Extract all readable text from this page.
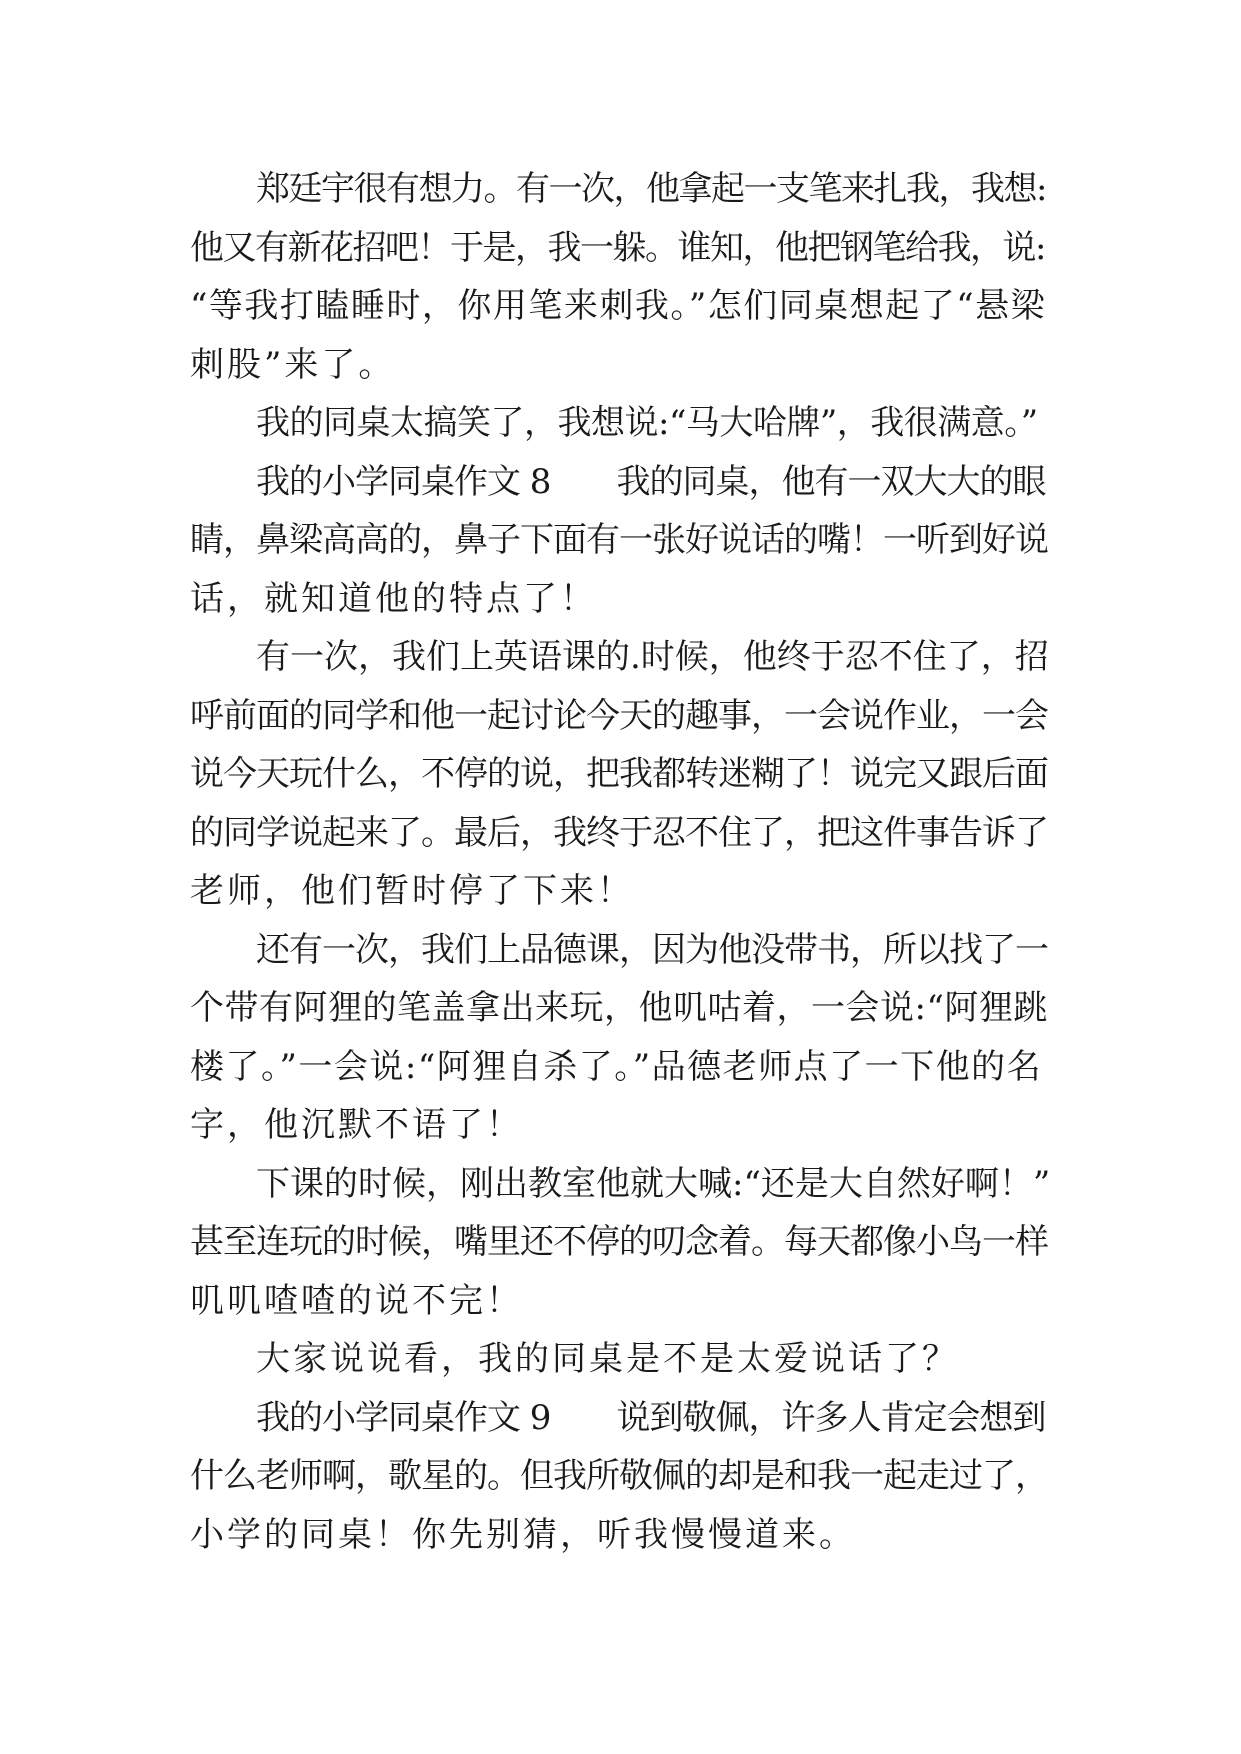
郑廷宇很有想力。有一次，他拿起一支笔来扎我，我想:
他又有新花招吧！于是，我一躲。谁知，他把钢笔给我，说:
“等我打瞌睡时，你用笔来刺我。”怎们同桌想起了“悬梁
刺股”来了。
我的同桌太搞笑了，我想说:“马大哈牌”，我很满意。”
我的小学同桌作文 8　　我的同桌，他有一双大大的眼
睛，鼻梁高高的，鼻子下面有一张好说话的嘴！一听到好说
话，就知道他的特点了！
有一次，我们上英语课的.时候，他终于忍不住了，招
呼前面的同学和他一起讨论今天的趣事，一会说作业，一会
说今天玩什么，不停的说，把我都转迷糊了！说完又跟后面
的同学说起来了。最后，我终于忍不住了，把这件事告诉了
老师，他们暂时停了下来！
还有一次，我们上品德课，因为他没带书，所以找了一
个带有阿狸的笔盖拿出来玩，他叽咕着，一会说:“阿狸跳
楼了。”一会说:“阿狸自杀了。”品德老师点了一下他的名
字，他沉默不语了！
下课的时候，刚出教室他就大喊:“还是大自然好啊！”
甚至连玩的时候，嘴里还不停的叨念着。每天都像小鸟一样
叽叽喳喳的说不完！
大家说说看，我的同桌是不是太爱说话了？
我的小学同桌作文 9　　说到敬佩，许多人肯定会想到
什么老师啊，歌星的。但我所敬佩的却是和我一起走过了，
小学的同桌！你先别猜，听我慢慢道来。
